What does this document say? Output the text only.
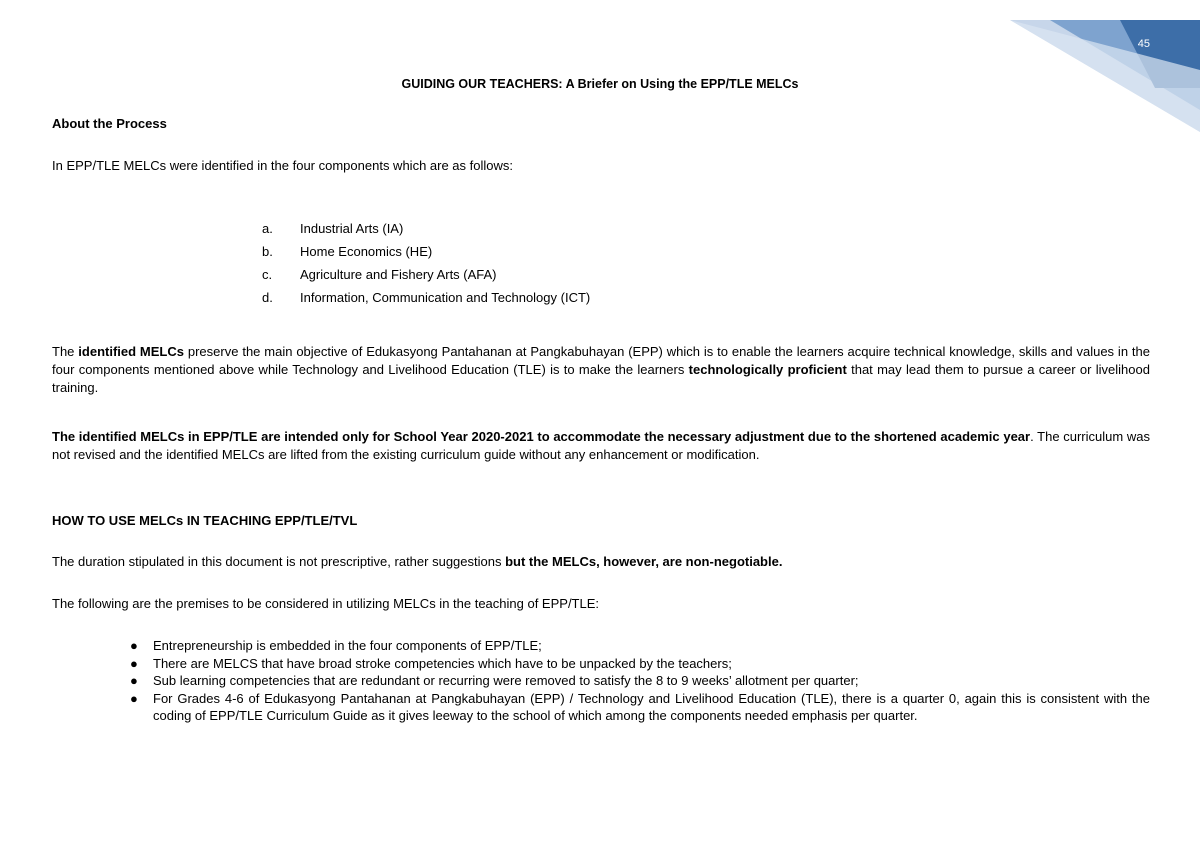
45
GUIDING OUR TEACHERS: A Briefer on Using the EPP/TLE MELCs
About the Process
In EPP/TLE MELCs were identified in the four components which are as follows:
a. Industrial Arts (IA)
b. Home Economics (HE)
c. Agriculture and Fishery Arts (AFA)
d. Information, Communication and Technology (ICT)
The identified MELCs preserve the main objective of Edukasyong Pantahanan at Pangkabuhayan (EPP) which is to enable the learners acquire technical knowledge, skills and values in the four components mentioned above while Technology and Livelihood Education (TLE) is to make the learners technologically proficient that may lead them to pursue a career or livelihood training.
The identified MELCs in EPP/TLE are intended only for School Year 2020-2021 to accommodate the necessary adjustment due to the shortened academic year. The curriculum was not revised and the identified MELCs are lifted from the existing curriculum guide without any enhancement or modification.
HOW TO USE MELCs IN TEACHING EPP/TLE/TVL
The duration stipulated in this document is not prescriptive, rather suggestions but the MELCs, however, are non-negotiable.
The following are the premises to be considered in utilizing MELCs in the teaching of EPP/TLE:
● Entrepreneurship is embedded in the four components of EPP/TLE;
● There are MELCS that have broad stroke competencies which have to be unpacked by the teachers;
● Sub learning competencies that are redundant or recurring were removed to satisfy the 8 to 9 weeks’ allotment per quarter;
● For Grades 4-6 of Edukasyong Pantahanan at Pangkabuhayan (EPP) / Technology and Livelihood Education (TLE), there is a quarter 0, again this is consistent with the coding of EPP/TLE Curriculum Guide as it gives leeway to the school of which among the components needed emphasis per quarter.
